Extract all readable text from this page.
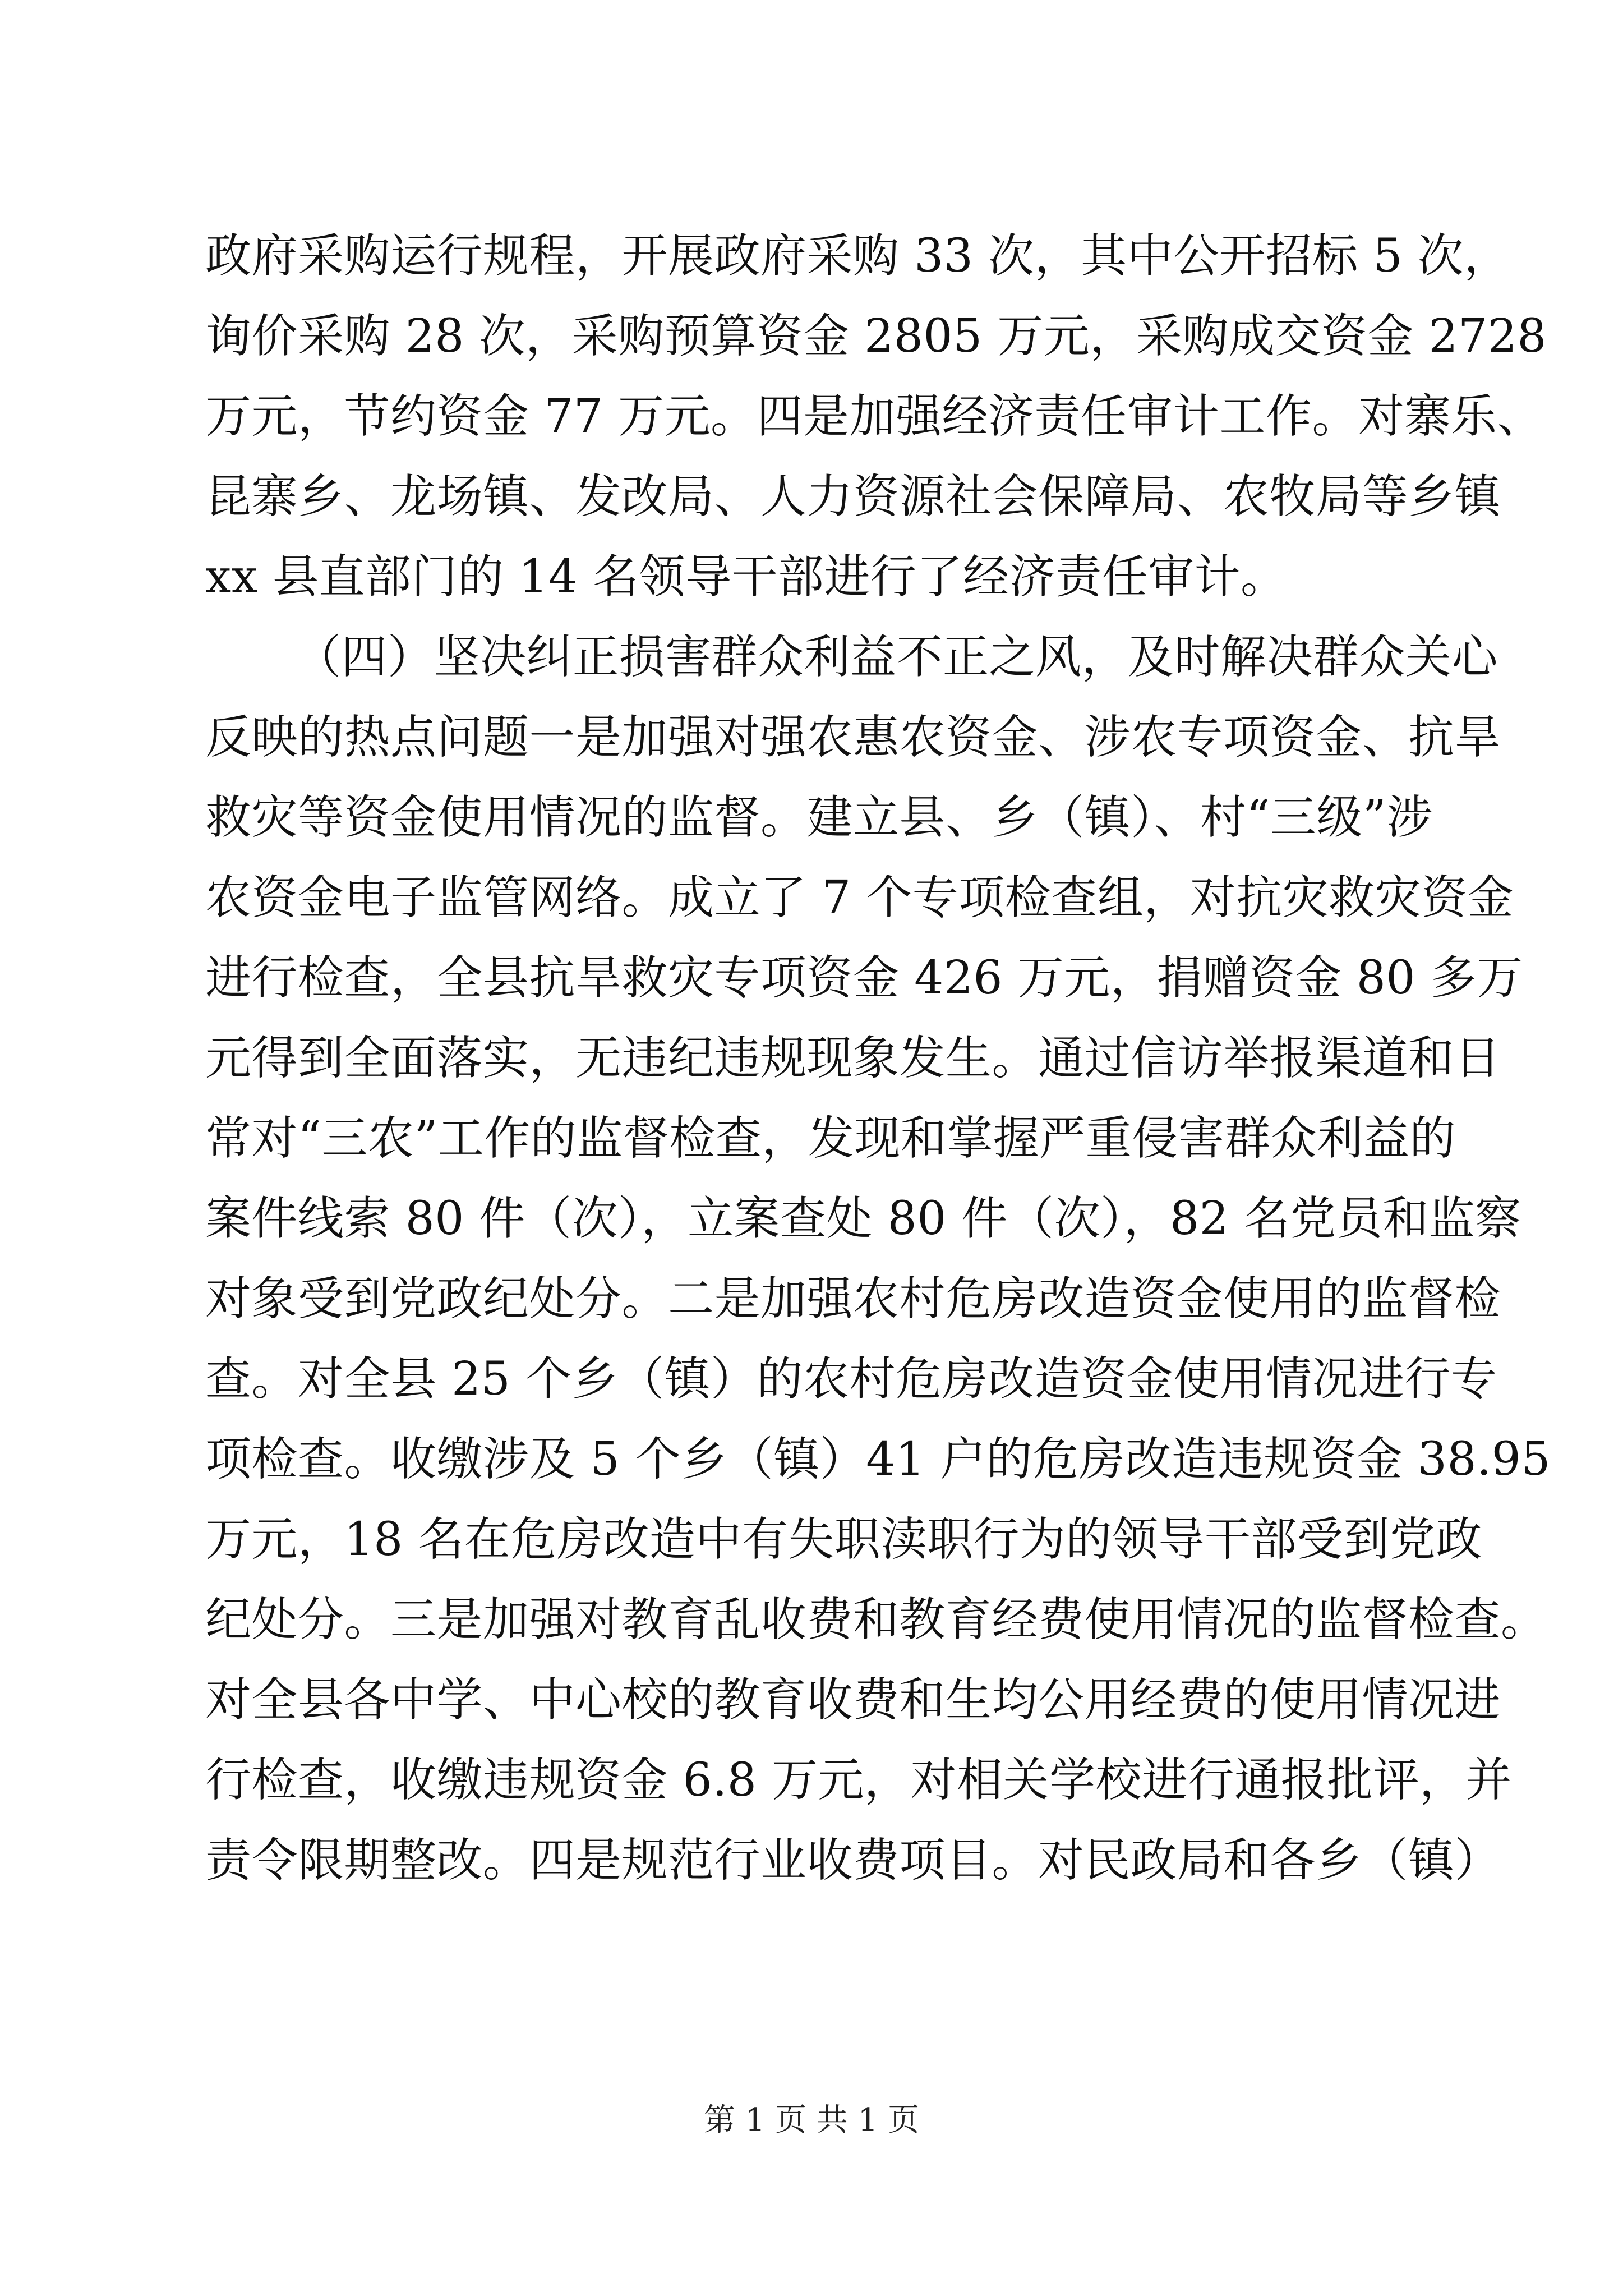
政府采购运行规程，开展政府采购 33 次，其中公开招标 5 次，
询价采购 28 次，采购预算资金 2805 万元，采购成交资金 2728
万元，节约资金 77 万元。四是加强经济责任审计工作。对寨乐、
昆寨乡、龙场镇、发改局、人力资源社会保障局、农牧局等乡镇
xx 县直部门的 14 名领导干部进行了经济责任审计。
（四）坚决纠正损害群众利益不正之风，及时解决群众关心
反映的热点问题一是加强对强农惠农资金、涉农专项资金、抗旱
救灾等资金使用情况的监督。建立县、乡（镇）、村“三级”涉
农资金电子监管网络。成立了 7 个专项检查组，对抗灾救灾资金
进行检查，全县抗旱救灾专项资金 426 万元，捐赠资金 80 多万
元得到全面落实，无违纪违规现象发生。通过信访举报渠道和日
常对“三农”工作的监督检查，发现和掌握严重侵害群众利益的
案件线索 80 件（次），立案查处 80 件（次），82 名党员和监察
对象受到党政纪处分。二是加强农村危房改造资金使用的监督检
查。对全县 25 个乡（镇）的农村危房改造资金使用情况进行专
项检查。收缴涉及 5 个乡（镇）41 户的危房改造违规资金 38.95
万元，18 名在危房改造中有失职渎职行为的领导干部受到党政
纪处分。三是加强对教育乱收费和教育经费使用情况的监督检查。
对全县各中学、中心校的教育收费和生均公用经费的使用情况进
行检查，收缴违规资金 6.8 万元，对相关学校进行通报批评，并
责令限期整改。四是规范行业收费项目。对民政局和各乡（镇）
第 1 页 共 1 页
